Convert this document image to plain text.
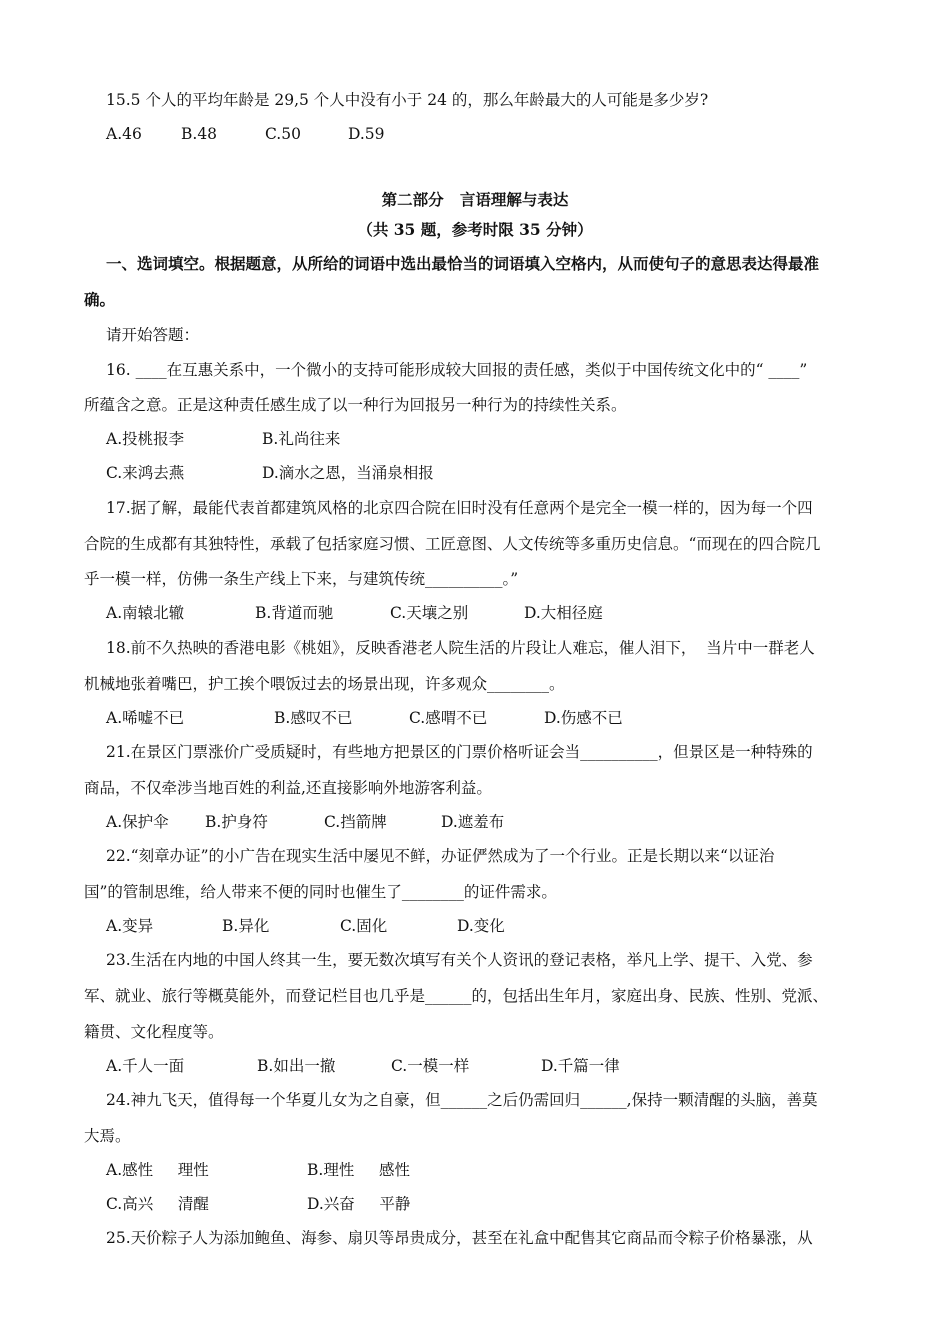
15.5 个人的平均年龄是 29,5 个人中没有小于 24 的，那么年龄最大的人可能是多少岁?
A.46	B.48	C.50	D.59
第二部分   言语理解与表达
（共 35 题，参考时限 35 分钟）
一、选词填空。根据题意，从所给的词语中选出最恰当的词语填入空格内，从而使句子的意思表达得最准
确。
请开始答题：
16. ____在互惠关系中，一个微小的支持可能形成较大回报的责任感，类似于中国传统文化中的“ ____”
所蕴含之意。正是这种责任感生成了以一种行为回报另一种行为的持续性关系。
A.投桃报李	B.礼尚往来
C.来鸿去燕	D.滴水之恩，当涌泉相报
17.据了解，最能代表首都建筑风格的北京四合院在旧时没有任意两个是完全一模一样的，因为每一个四
合院的生成都有其独特性，承载了包括家庭习惯、工匠意图、人文传统等多重历史信息。“而现在的四合院几
乎一模一样，仿佛一条生产线上下来，与建筑传统__________。”
A.南辕北辙	B.背道而驰	C.天壤之别	D.大相径庭
18.前不久热映的香港电影《桃姐》，反映香港老人院生活的片段让人难忘，催人泪下，  当片中一群老人
机械地张着嘴巴，护工挨个喂饭过去的场景出现，许多观众________。
A.唏嘘不已	B.感叹不已	C.感喟不已	D.伤感不已
21.在景区门票涨价广受质疑时，有些地方把景区的门票价格听证会当__________，但景区是一种特殊的
商品，不仅牵涉当地百姓的利益,还直接影响外地游客利益。
A.保护伞 B.护身符	C.挡箭牌	D.遮羞布
22.“刻章办证”的小广告在现实生活中屡见不鲜，办证俨然成为了一个行业。正是长期以来“以证治
国”的管制思维，给人带来不便的同时也催生了________的证件需求。
A.变异	B.异化	C.固化	D.变化
23.生活在内地的中国人终其一生，要无数次填写有关个人资讯的登记表格，举凡上学、提干、入党、参
军、就业、旅行等概莫能外，而登记栏目也几乎是______的，包括出生年月，家庭出身、民族、性别、党派、
籍贯、文化程度等。
A.千人一面	B.如出一撤	C.一模一样	D.千篇一律
24.神九飞天，值得每一个华夏儿女为之自豪，但______之后仍需回归______,保持一颗清醒的头脑，善莫
大焉。
A.感性     理性	B.理性     感性
C.高兴     清醒	D.兴奋     平静
25.天价粽子人为添加鲍鱼、海参、扇贝等昂贵成分，甚至在礼盒中配售其它商品而令粽子价格暴涨，从
